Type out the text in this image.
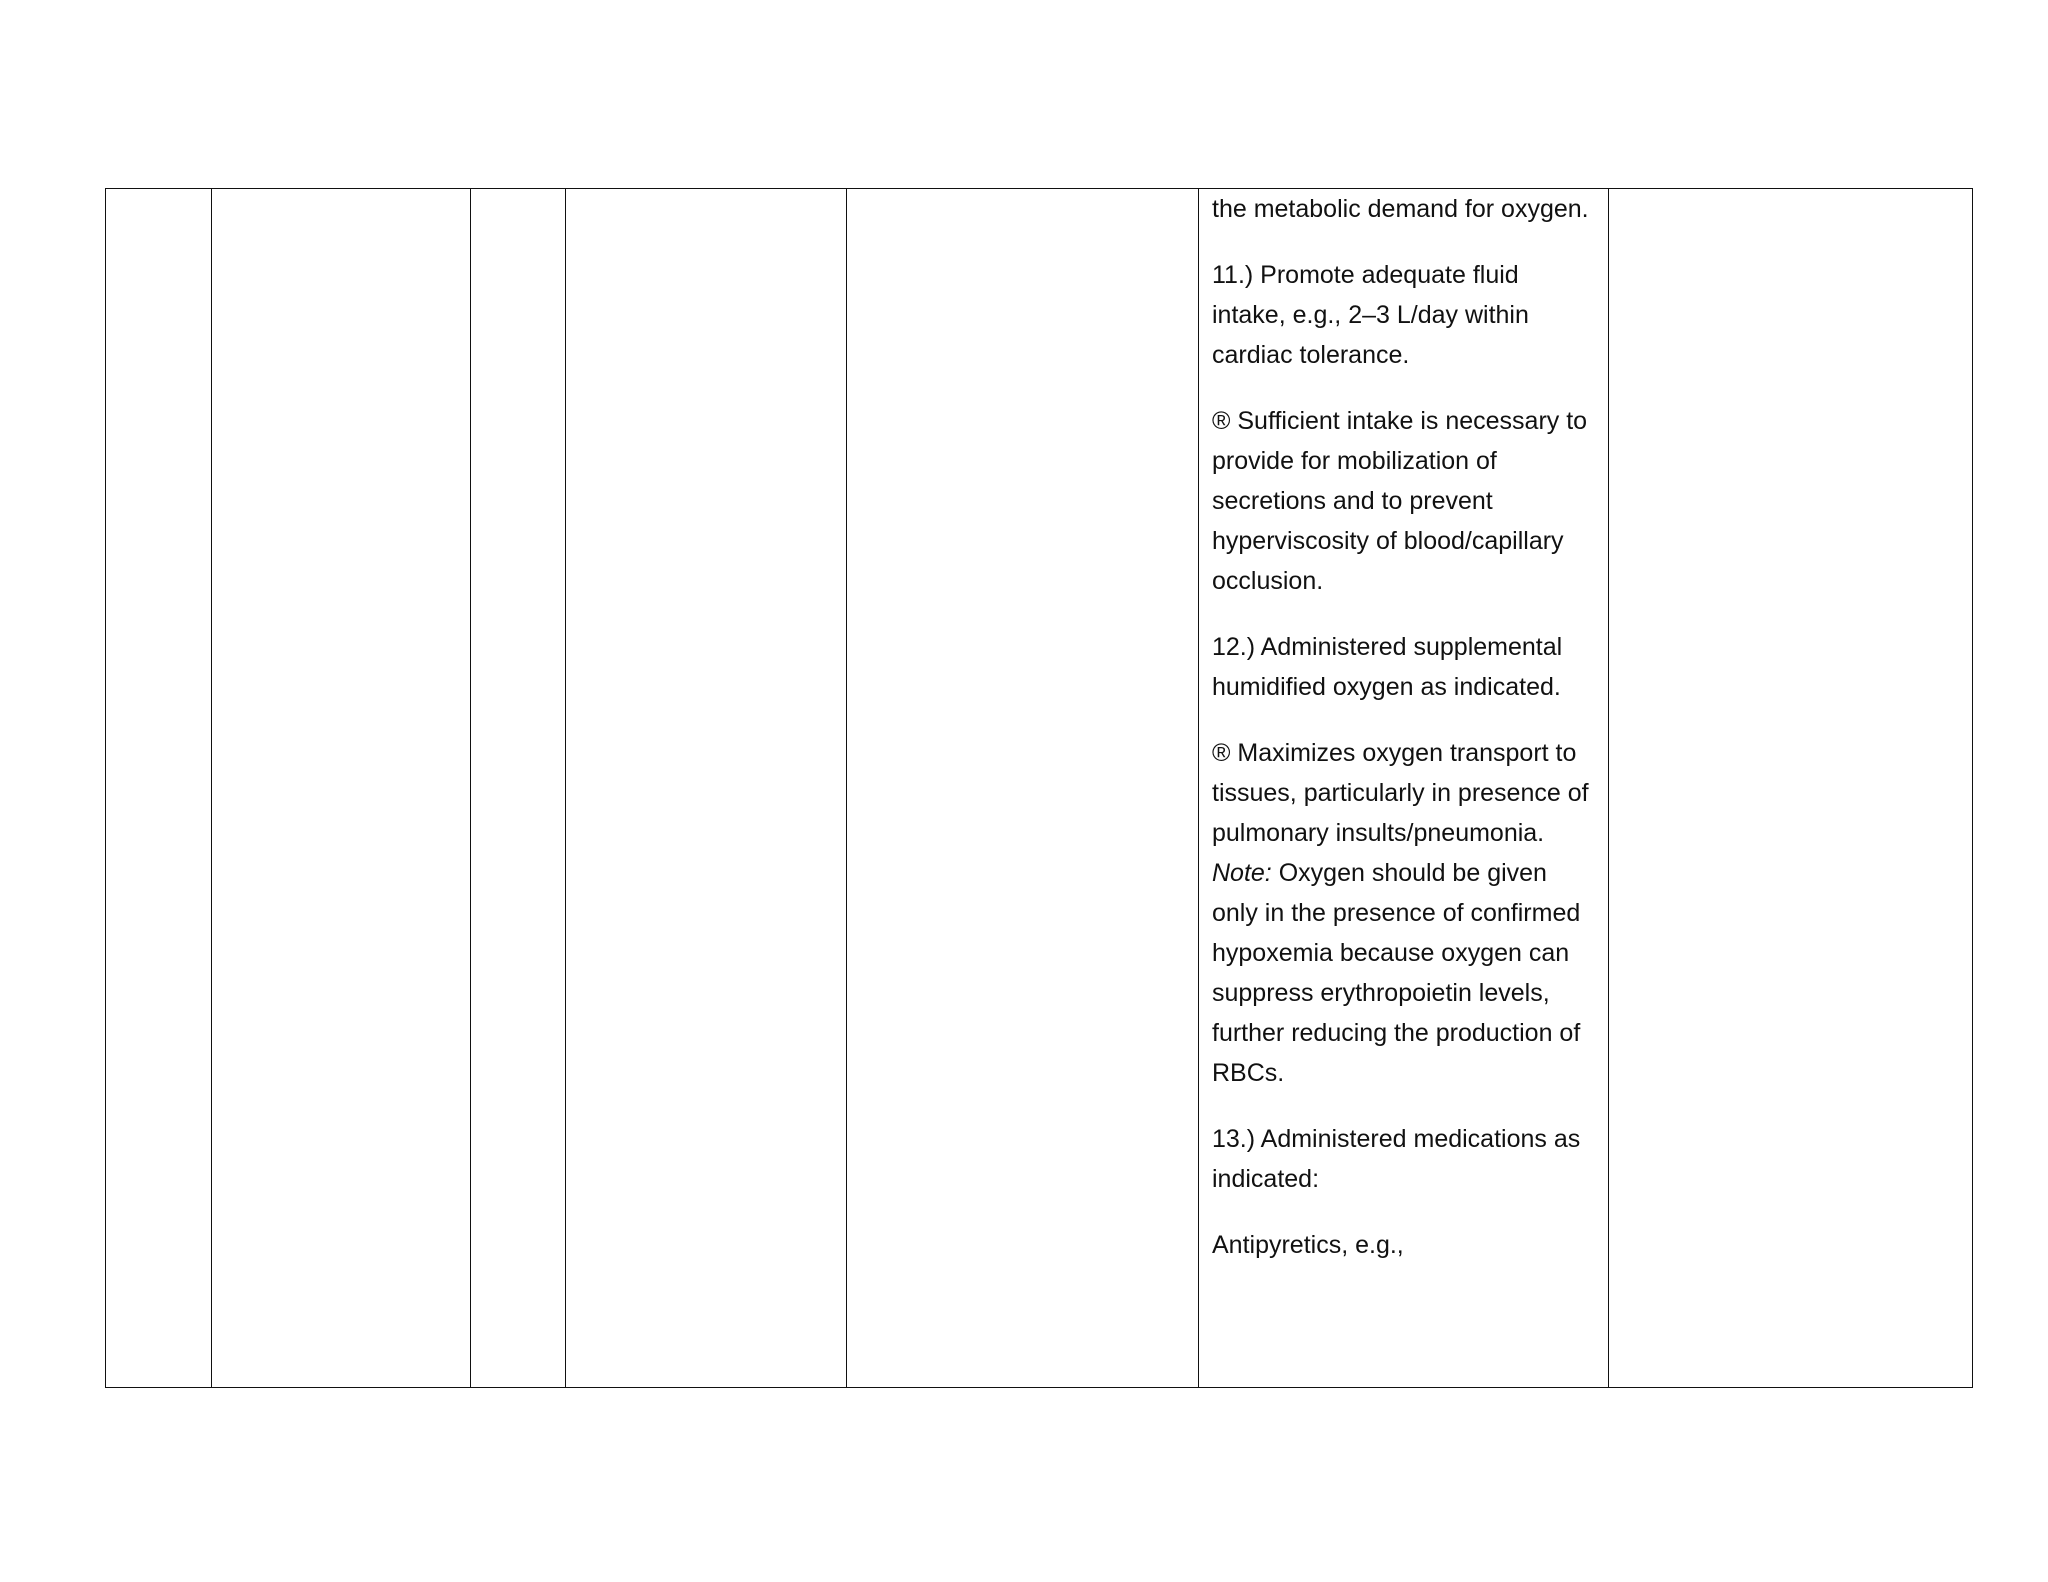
the metabolic demand for oxygen.

11.) Promote adequate fluid intake, e.g., 2–3 L/day within cardiac tolerance.

® Sufficient intake is necessary to provide for mobilization of secretions and to prevent hyperviscosity of blood/capillary occlusion.

12.) Administered supplemental humidified oxygen as indicated.

® Maximizes oxygen transport to tissues, particularly in presence of pulmonary insults/pneumonia. Note: Oxygen should be given only in the presence of confirmed hypoxemia because oxygen can suppress erythropoietin levels, further reducing the production of RBCs.

13.) Administered medications as indicated:

Antipyretics, e.g.,
